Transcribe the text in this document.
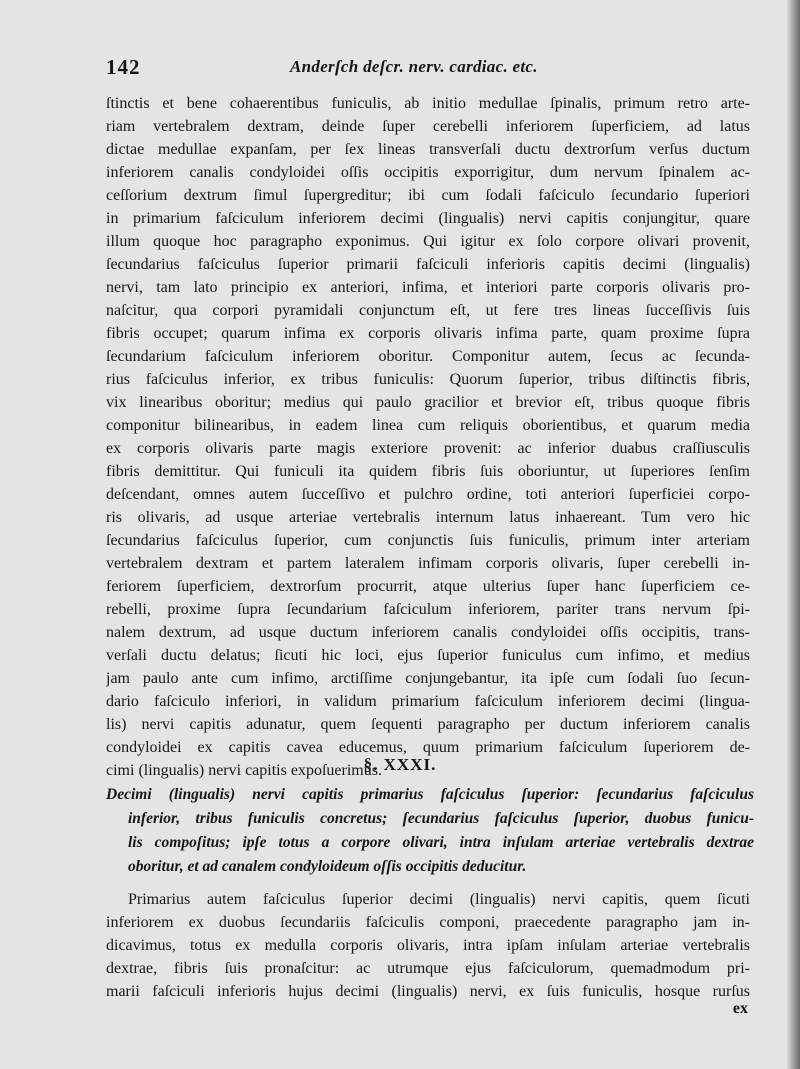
142	Anderſch deſcr. nerv. cardiac. etc.
ſtinctis et bene cohaerentibus funiculis, ab initio medullae ſpinalis, primum retro arte-
riam vertebralem dextram, deinde ſuper cerebelli inferiorem ſuperficiem, ad latus
dictae medullae expanſam, per ſex lineas transverſali ductu dextrorſum verſus ductum
inferiorem canalis condyloidei oſſis occipitis exporrigitur, dum nervum ſpinalem ac-
ceſſorium dextrum ſimul ſupergreditur; ibi cum ſodali faſciculo ſecundario ſuperiori
in primarium faſciculum inferiorem decimi (lingualis) nervi capitis conjungitur, quare
illum quoque hoc paragrapho exponimus. Qui igitur ex ſolo corpore olivari provenit,
ſecundarius faſciculus ſuperior primarii faſciculi inferioris capitis decimi (lingualis)
nervi, tam lato principio ex anteriori, infima, et interiori parte corporis olivaris pro-
naſcitur, qua corpori pyramidali conjunctum eſt, ut fere tres lineas ſucceſſivis ſuis
fibris occupet; quarum infima ex corporis olivaris infima parte, quam proxime ſupra
ſecundarium faſciculum inferiorem oboritur. Componitur autem, ſecus ac ſecunda-
rius faſciculus inferior, ex tribus funiculis: Quorum ſuperior, tribus diſtinctis fibris,
vix linearibus oboritur; medius qui paulo gracilior et brevior eſt, tribus quoque fibris
componitur bilinearibus, in eadem linea cum reliquis oborientibus, et quarum media
ex corporis olivaris parte magis exteriore provenit: ac inferior duabus craſſiusculis
fibris demittitur. Qui funiculi ita quidem fibris ſuis oboriuntur, ut ſuperiores ſenſim
deſcendant, omnes autem ſucceſſivo et pulchro ordine, toti anteriori ſuperficiei corpo-
ris olivaris, ad usque arteriae vertebralis internum latus inhaereant. Tum vero hic
ſecundarius faſciculus ſuperior, cum conjunctis ſuis funiculis, primum inter arteriam
vertebralem dextram et partem lateralem infimam corporis olivaris, ſuper cerebelli in-
feriorem ſuperficiem, dextrorſum procurrit, atque ulterius ſuper hanc ſuperficiem ce-
rebelli, proxime ſupra ſecundarium faſciculum inferiorem, pariter trans nervum ſpi-
nalem dextrum, ad usque ductum inferiorem canalis condyloidei oſſis occipitis, trans-
verſali ductu delatus; ſicuti hic loci, ejus ſuperior funiculus cum infimo, et medius
jam paulo ante cum infimo, arctiſſime conjungebantur, ita ipſe cum ſodali ſuo ſecun-
dario faſciculo inferiori, in validum primarium faſciculum inferiorem decimi (lingua-
lis) nervi capitis adunatur, quem ſequenti paragrapho per ductum inferiorem canalis
condyloidei ex capitis cavea educemus, quum primarium faſciculum ſuperiorem de-
cimi (lingualis) nervi capitis expoſuerimus.
§. XXXI.
Decimi (lingualis) nervi capitis primarius faſciculus ſuperior: ſecundarius faſciculus
inferior, tribus funiculis concretus; ſecundarius faſciculus ſuperior, duobus funicu-
lis compoſitus; ipſe totus a corpore olivari, intra inſulam arteriae vertebralis dextrae
oboritur, et ad canalem condyloideum oſſis occipitis deducitur.
Primarius autem faſciculus ſuperior decimi (lingualis) nervi capitis, quem ſicuti
inferiorem ex duobus ſecundariis faſciculis componi, praecedente paragrapho jam in-
dicavimus, totus ex medulla corporis olivaris, intra ipſam inſulam arteriae vertebralis
dextrae, fibris ſuis pronaſcitur: ac utrumque ejus faſciculorum, quemadmodum pri-
marii faſciculi inferioris hujus decimi (lingualis) nervi, ex ſuis funiculis, hosque rurſus
ex
